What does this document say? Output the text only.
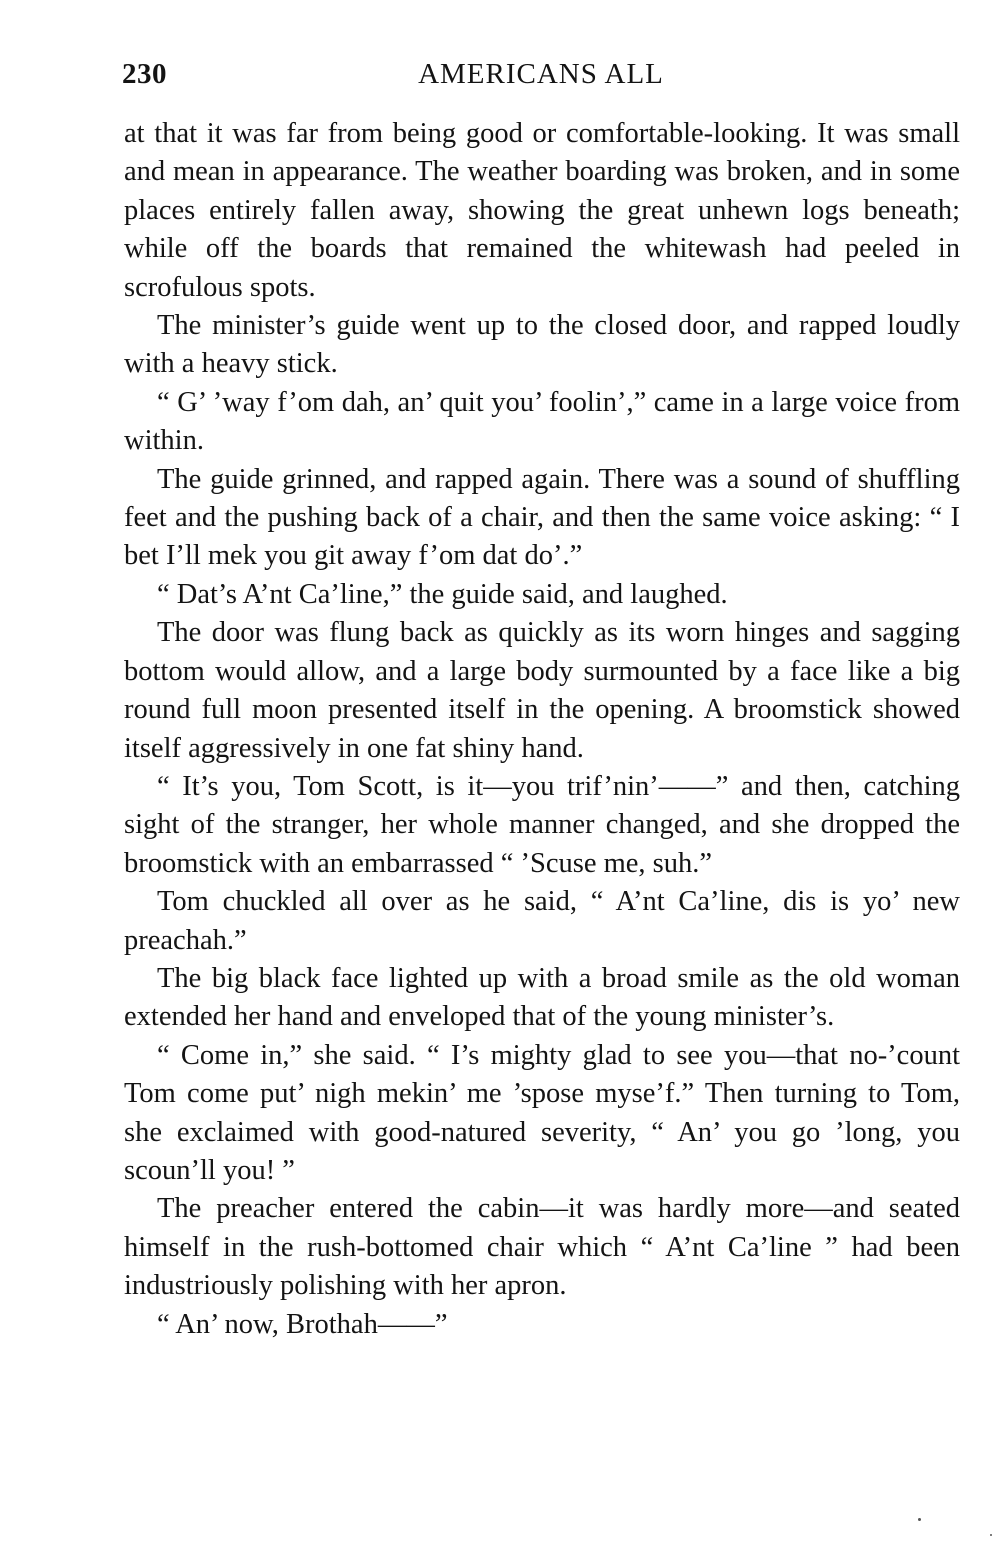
230	AMERICANS ALL

at that it was far from being good or comfortable-looking. It was small and mean in appearance. The weather boarding was broken, and in some places entirely fallen away, showing the great unhewn logs beneath; while off the boards that remained the whitewash had peeled in scrofulous spots.

The minister’s guide went up to the closed door, and rapped loudly with a heavy stick.

“ G’ ’way f’om dah, an’ quit you’ foolin’,” came in a large voice from within.

The guide grinned, and rapped again. There was a sound of shuffling feet and the pushing back of a chair, and then the same voice asking: “ I bet I’ll mek you git away f’om dat do’.”

“ Dat’s A’nt Ca’line,” the guide said, and laughed.

The door was flung back as quickly as its worn hinges and sagging bottom would allow, and a large body surmounted by a face like a big round full moon presented itself in the opening. A broomstick showed itself aggressively in one fat shiny hand.

“ It’s you, Tom Scott, is it—you trif’nin’——” and then, catching sight of the stranger, her whole manner changed, and she dropped the broomstick with an embarrassed “ ’Scuse me, suh.”

Tom chuckled all over as he said, “ A’nt Ca’line, dis is yo’ new preachah.”

The big black face lighted up with a broad smile as the old woman extended her hand and enveloped that of the young minister’s.

“ Come in,” she said. “ I’s mighty glad to see you—that no-’count Tom come put’ nigh mekin’ me ’spose myse’f.” Then turning to Tom, she exclaimed with good-natured severity, “ An’ you go ’long, you scoun’ll you! ”

The preacher entered the cabin—it was hardly more—and seated himself in the rush-bottomed chair which “ A’nt Ca’line ” had been industriously polishing with her apron.

“ An’ now, Brothah——”
